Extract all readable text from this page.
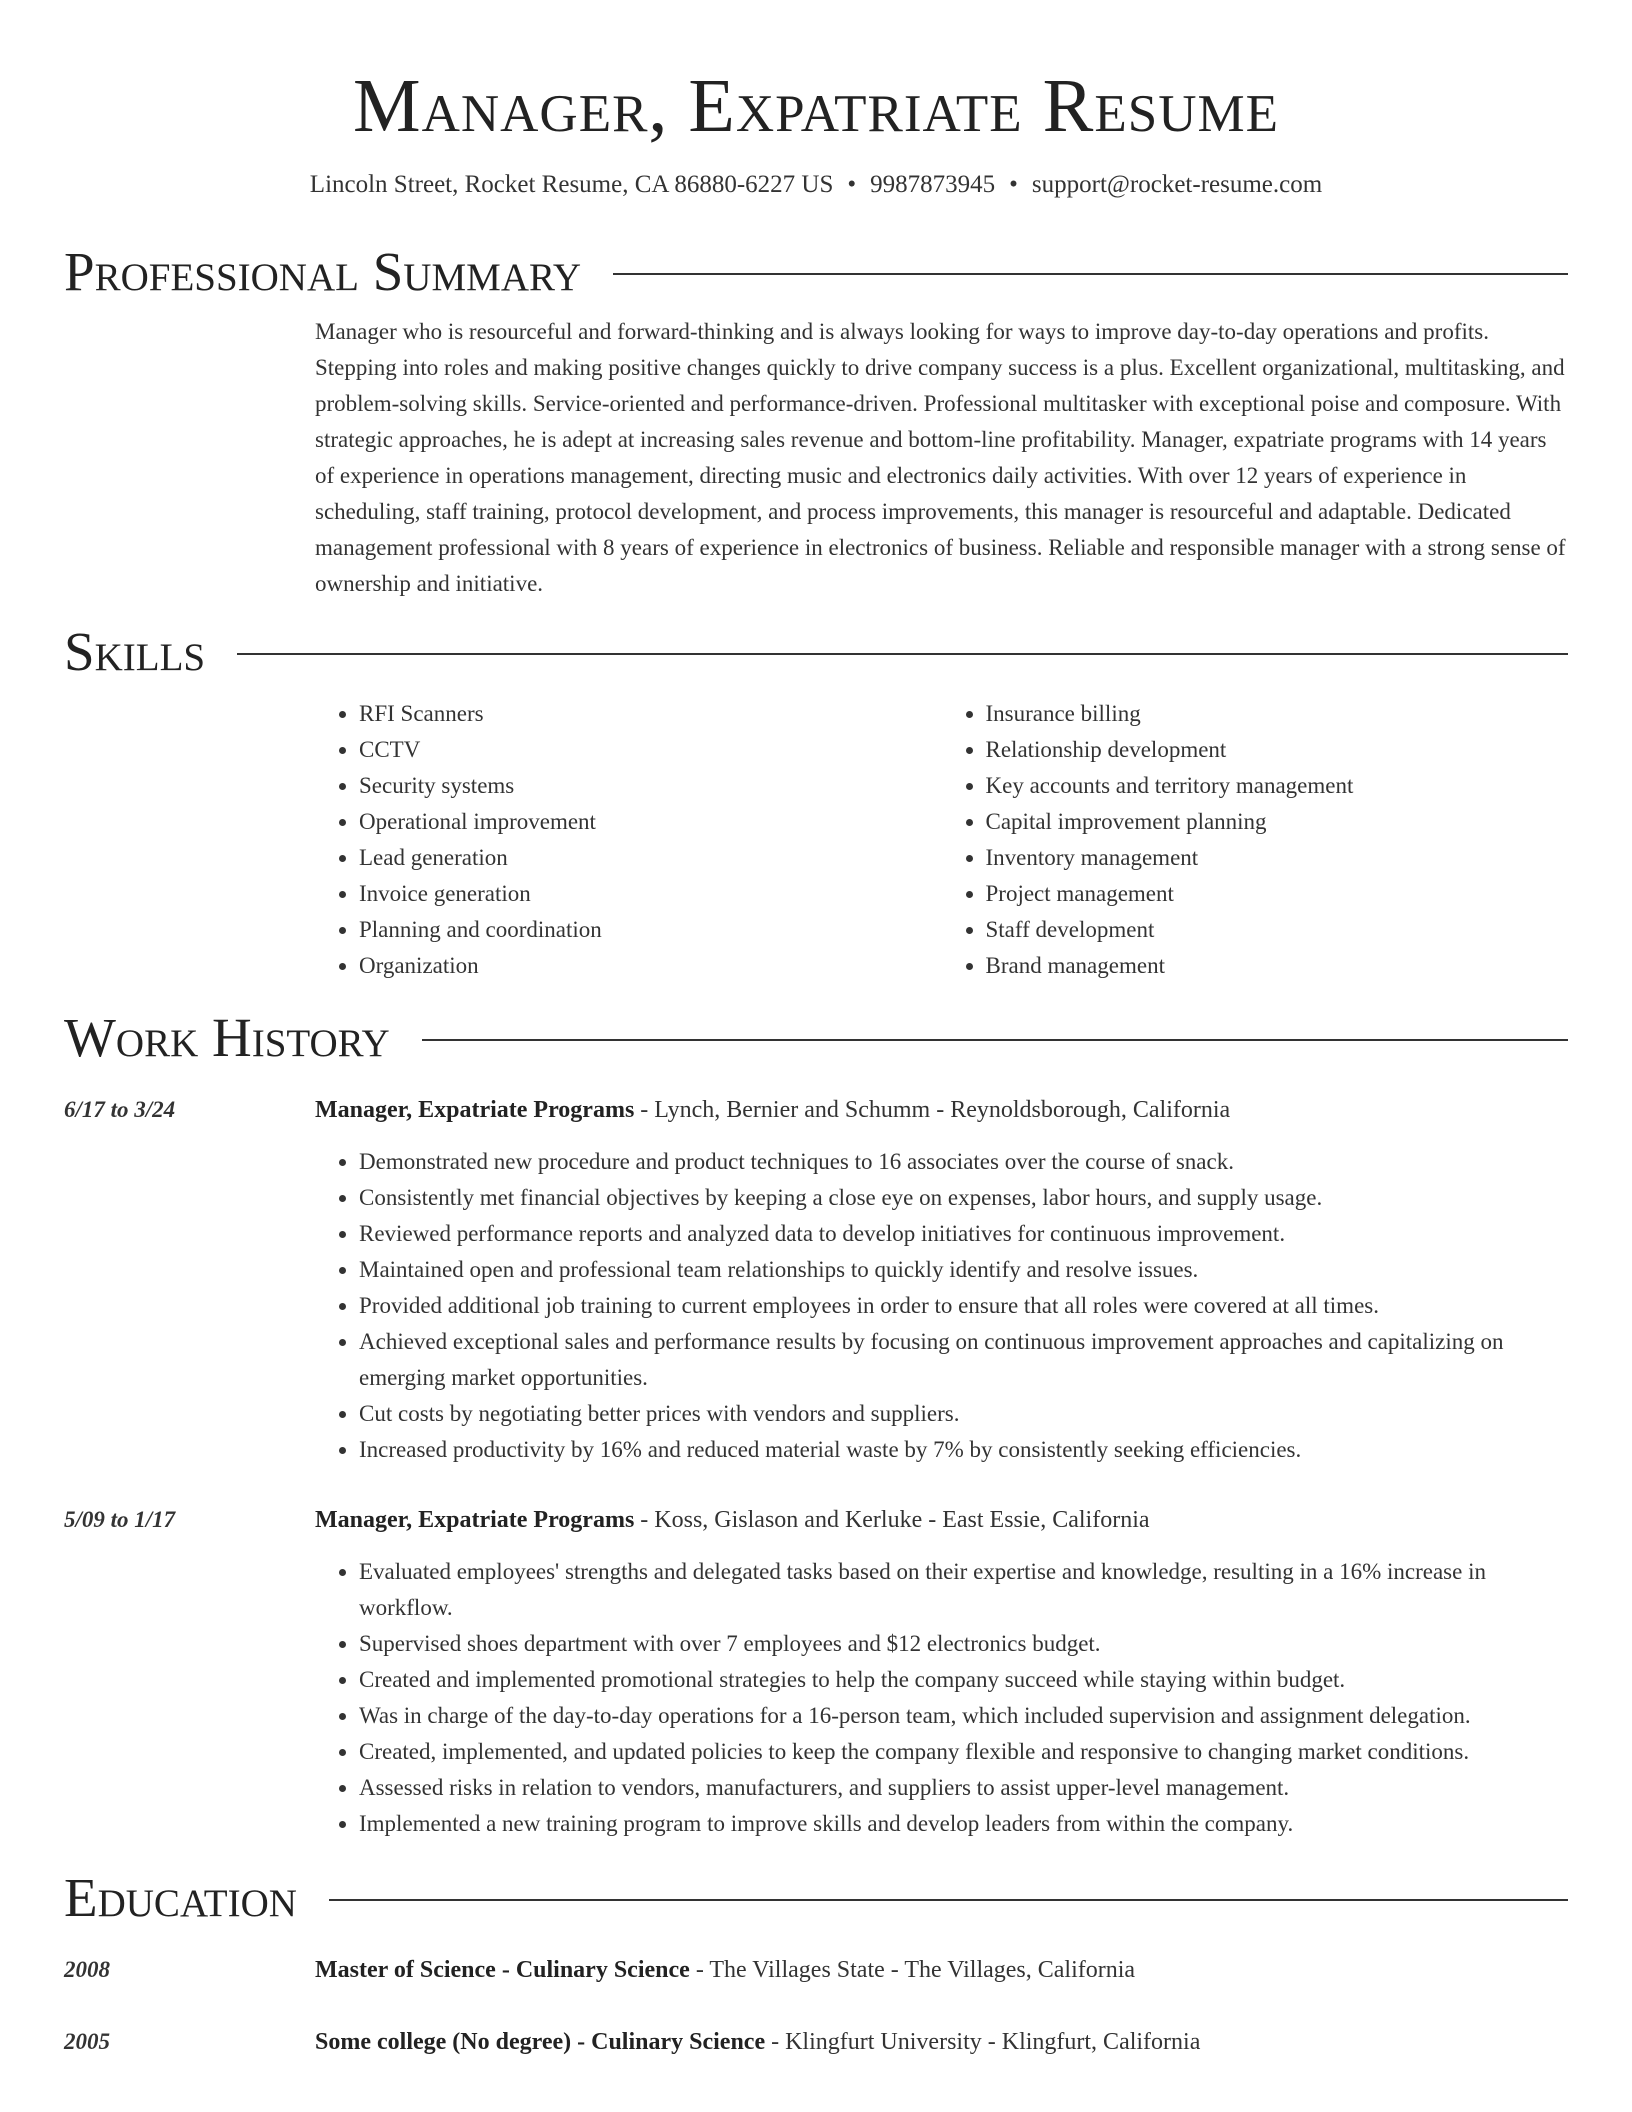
Manager, Expatriate Resume
Lincoln Street, Rocket Resume, CA 86880-6227 US • 9987873945 • support@rocket-resume.com
Professional Summary
Manager who is resourceful and forward-thinking and is always looking for ways to improve day-to-day operations and profits. Stepping into roles and making positive changes quickly to drive company success is a plus. Excellent organizational, multitasking, and problem-solving skills. Service-oriented and performance-driven. Professional multitasker with exceptional poise and composure. With strategic approaches, he is adept at increasing sales revenue and bottom-line profitability. Manager, expatriate programs with 14 years of experience in operations management, directing music and electronics daily activities. With over 12 years of experience in scheduling, staff training, protocol development, and process improvements, this manager is resourceful and adaptable. Dedicated management professional with 8 years of experience in electronics of business. Reliable and responsible manager with a strong sense of ownership and initiative.
Skills
• RFI Scanners
• CCTV
• Security systems
• Operational improvement
• Lead generation
• Invoice generation
• Planning and coordination
• Organization
• Insurance billing
• Relationship development
• Key accounts and territory management
• Capital improvement planning
• Inventory management
• Project management
• Staff development
• Brand management
Work History
6/17 to 3/24	Manager, Expatriate Programs - Lynch, Bernier and Schumm - Reynoldsborough, California
• Demonstrated new procedure and product techniques to 16 associates over the course of snack.
• Consistently met financial objectives by keeping a close eye on expenses, labor hours, and supply usage.
• Reviewed performance reports and analyzed data to develop initiatives for continuous improvement.
• Maintained open and professional team relationships to quickly identify and resolve issues.
• Provided additional job training to current employees in order to ensure that all roles were covered at all times.
• Achieved exceptional sales and performance results by focusing on continuous improvement approaches and capitalizing on emerging market opportunities.
• Cut costs by negotiating better prices with vendors and suppliers.
• Increased productivity by 16% and reduced material waste by 7% by consistently seeking efficiencies.
5/09 to 1/17	Manager, Expatriate Programs - Koss, Gislason and Kerluke - East Essie, California
• Evaluated employees' strengths and delegated tasks based on their expertise and knowledge, resulting in a 16% increase in workflow.
• Supervised shoes department with over 7 employees and $12 electronics budget.
• Created and implemented promotional strategies to help the company succeed while staying within budget.
• Was in charge of the day-to-day operations for a 16-person team, which included supervision and assignment delegation.
• Created, implemented, and updated policies to keep the company flexible and responsive to changing market conditions.
• Assessed risks in relation to vendors, manufacturers, and suppliers to assist upper-level management.
• Implemented a new training program to improve skills and develop leaders from within the company.
Education
2008	Master of Science - Culinary Science - The Villages State - The Villages, California
2005	Some college (No degree) - Culinary Science - Klingfurt University - Klingfurt, California
